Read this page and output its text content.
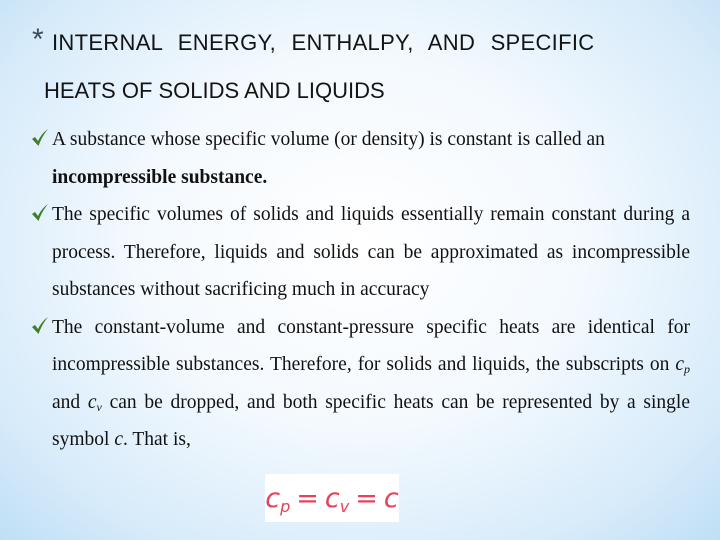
* INTERNAL ENERGY, ENTHALPY, AND SPECIFIC
HEATS OF SOLIDS AND LIQUIDS

A substance whose specific volume (or density) is constant is called an
incompressible substance.

The specific volumes of solids and liquids essentially remain constant during a process. Therefore, liquids and solids can be approximated as incompressible substances without sacrificing much in accuracy

The constant-volume and constant-pressure specific heats are identical for incompressible substances. Therefore, for solids and liquids, the subscripts on $c_p$ and $c_v$ can be dropped, and both specific heats can be represented by a single symbol c. That is,

$c_p = c_v = c$
